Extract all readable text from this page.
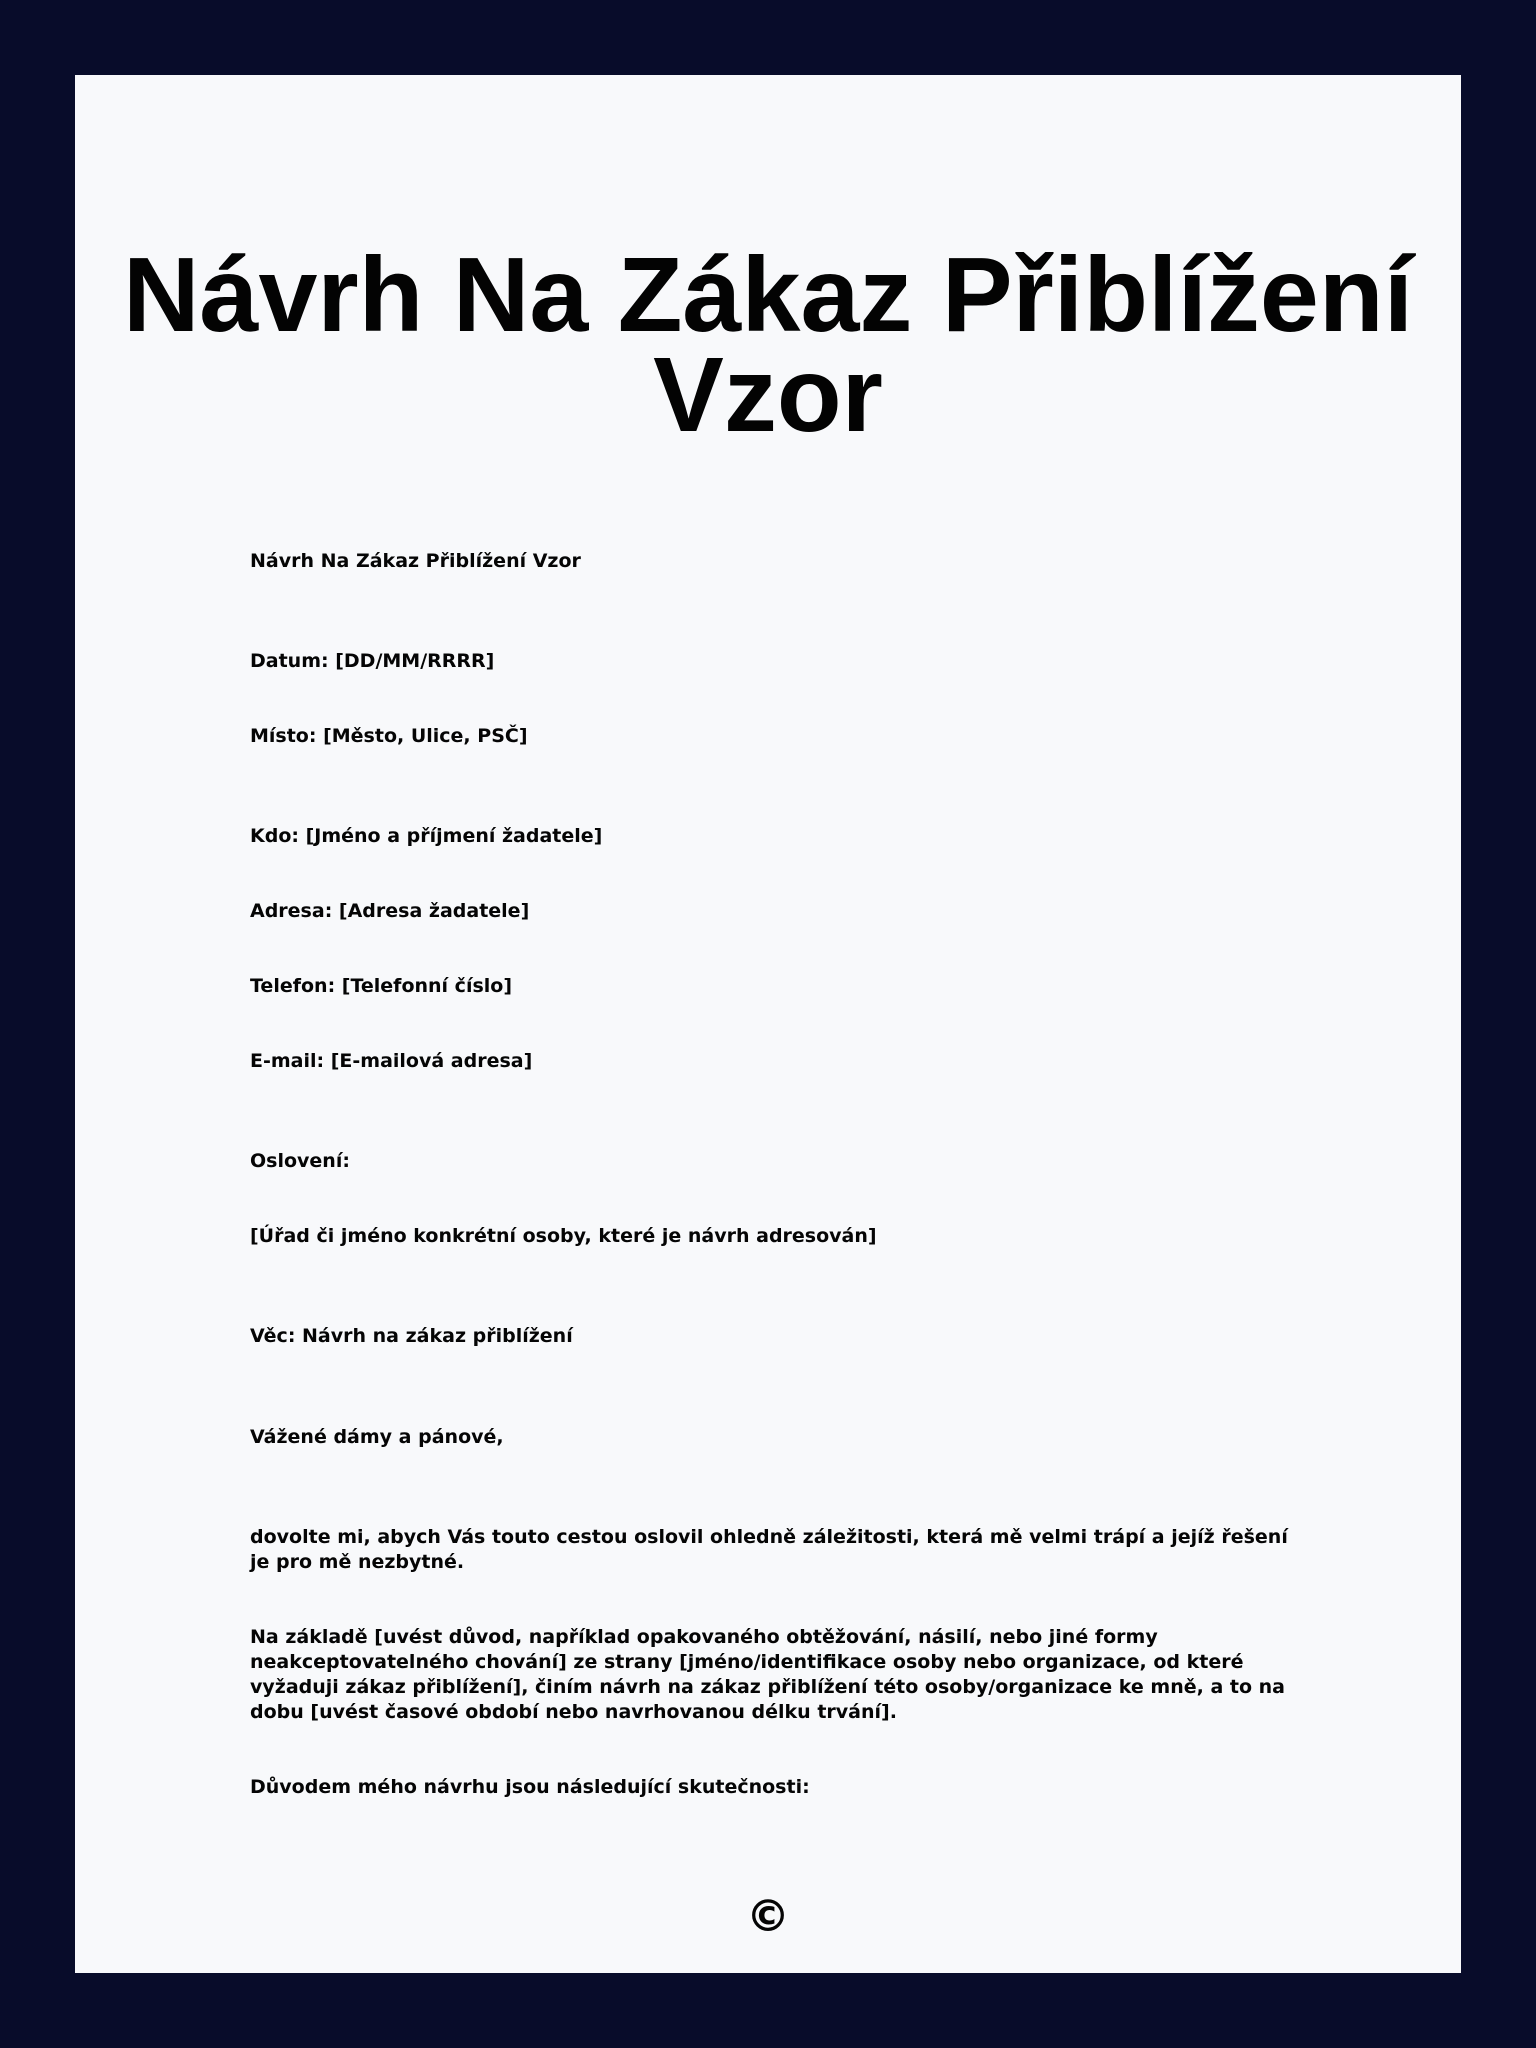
Návrh Na Zákaz Přiblížení Vzor

Návrh Na Zákaz Přiblížení Vzor

Datum: [DD/MM/RRRR]

Místo: [Město, Ulice, PSČ]

Kdo: [Jméno a příjmení žadatele]

Adresa: [Adresa žadatele]

Telefon: [Telefonní číslo]

E-mail: [E-mailová adresa]

Oslovení:

[Úřad či jméno konkrétní osoby, které je návrh adresován]

Věc: Návrh na zákaz přiblížení

Vážené dámy a pánové,

dovolte mi, abych Vás touto cestou oslovil ohledně záležitosti, která mě velmi trápí a jejíž řešení je pro mě nezbytné.

Na základě [uvést důvod, například opakovaného obtěžování, násilí, nebo jiné formy neakceptovatelného chování] ze strany [jméno/identifikace osoby nebo organizace, od které vyžaduji zákaz přiblížení], činím návrh na zákaz přiblížení této osoby/organizace ke mně, a to na dobu [uvést časové období nebo navrhovanou délku trvání].

Důvodem mého návrhu jsou následující skutečnosti:

©
